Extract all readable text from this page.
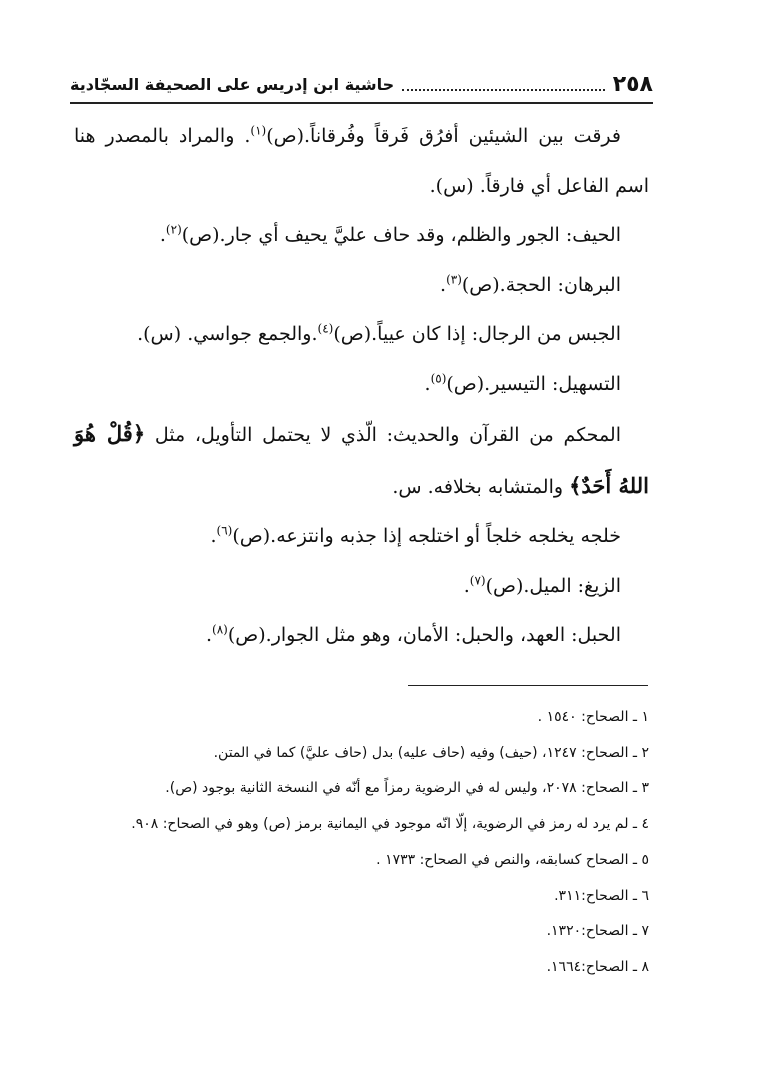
٢٥٨
حاشية ابن إدريس على الصحيفة السجّادية

فرقت بين الشيئين أفرُق فَرقاً وفُرقاناً.(ص)$^{(١)}$. والمراد بالمصدر هنا اسم الفاعل أي فارقاً. (س).

الحيف: الجور والظلم، وقد حاف عليَّ يحيف أي جار.(ص)$^{(٢)}$.

البرهان: الحجة.(ص)$^{(٣)}$.

الجبس من الرجال: إذا كان عيياً.(ص)$^{(٤)}$.والجمع جواسي. (س).

التسهيل: التيسير.(ص)$^{(٥)}$.

المحكم من القرآن والحديث: الّذي لا يحتمل التأويل، مثل ﴿قُلْ هُوَ اللهُ أَحَدٌ﴾ والمتشابه بخلافه. س.

خلجه يخلجه خلجاً أو اختلجه إذا جذبه وانتزعه.(ص)$^{(٦)}$.

الزيغ: الميل.(ص)$^{(٧)}$.

الحبل: العهد، والحبل: الأمان، وهو مثل الجوار.(ص)$^{(٨)}$.

١ ـ الصحاح: ١٥٤٠ .

٢ ـ الصحاح: ١٢٤٧، (حيف) وفيه (حاف عليه) بدل (حاف عليَّ) كما في المتن.

٣ ـ الصحاح: ٢٠٧٨، وليس له في الرضوية رمزاً مع أنّه في النسخة الثانية بوجود (ص).

٤ ـ لم يرد له رمز في الرضوية، إلّا انّه موجود في اليمانية برمز (ص) وهو في الصحاح: ٩٠٨.

٥ ـ الصحاح كسابقه، والنص في الصحاح: ١٧٣٣ .

٦ ـ الصحاح:٣١١.

٧ ـ الصحاح:١٣٢٠.

٨ ـ الصحاح:١٦٦٤.
